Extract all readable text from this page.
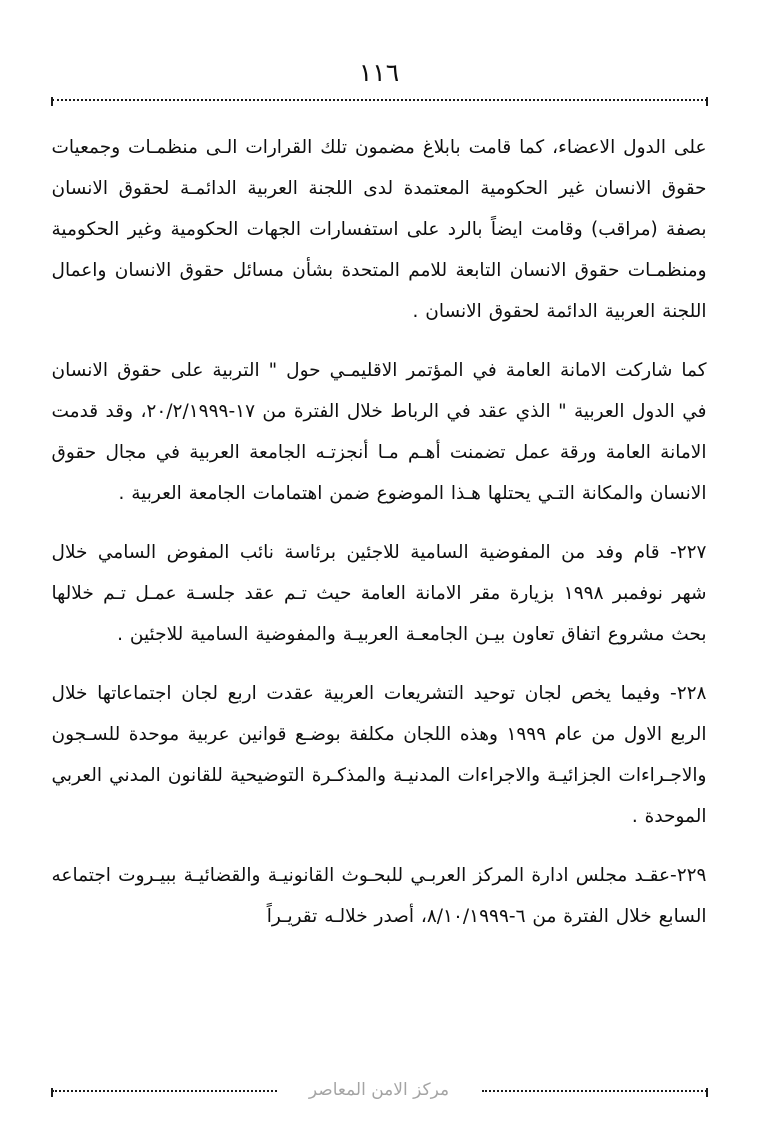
١١٦

على الدول الاعضاء، كما قامت بابلاغ مضمون تلك القرارات الـى منظمـات وجمعيات حقوق الانسان غير الحكومية المعتمدة لدى اللجنة العربية الدائمـة لحقوق الانسان بصفة (مراقب) وقامت ايضاً بالرد على استفسارات الجهات الحكومية وغير الحكومية ومنظمـات حقوق الانسان التابعة للامم المتحدة بشأن مسائل حقوق الانسان واعمال اللجنة العربية الدائمة لحقوق الانسان .

كما شاركت الامانة العامة في المؤتمر الاقليمـي حول " التربية على حقوق الانسان في الدول العربية " الذي عقد في الرباط خلال الفترة من ١٧-٢٠/٢/١٩٩٩، وقد قدمت الامانة العامة ورقة عمل تضمنت أهـم مـا أنجزتـه الجامعة العربية في مجال حقوق الانسان والمكانة التـي يحتلها هـذا الموضوع ضمن اهتمامات الجامعة العربية .

٢٢٧- قام وفد من المفوضية السامية للاجئين برئاسة نائب المفوض السامي خلال شهر نوفمبر ١٩٩٨ بزيارة مقر الامانة العامة حيث تـم عقد جلسـة عمـل تـم خلالها بحث مشروع اتفاق تعاون بيـن الجامعـة العربيـة والمفوضية السامية للاجئين .

٢٢٨- وفيما يخص لجان توحيد التشريعات العربية عقدت اربع لجان اجتماعاتها خلال الربع الاول من عام ١٩٩٩ وهذه اللجان مكلفة بوضـع قوانين عربية موحدة للسـجون والاجـراءات الجزائيـة والاجراءات المدنيـة والمذكـرة التوضيحية للقانون المدني العربي الموحدة .

٢٢٩-عقـد مجلس ادارة المركز العربـي للبحـوث القانونيـة والقضائيـة ببيـروت اجتماعه السابع خلال الفترة من ٦-٨/١٠/١٩٩٩، أصدر خلالـه تقريـراً

مركز الامن المعاصر
